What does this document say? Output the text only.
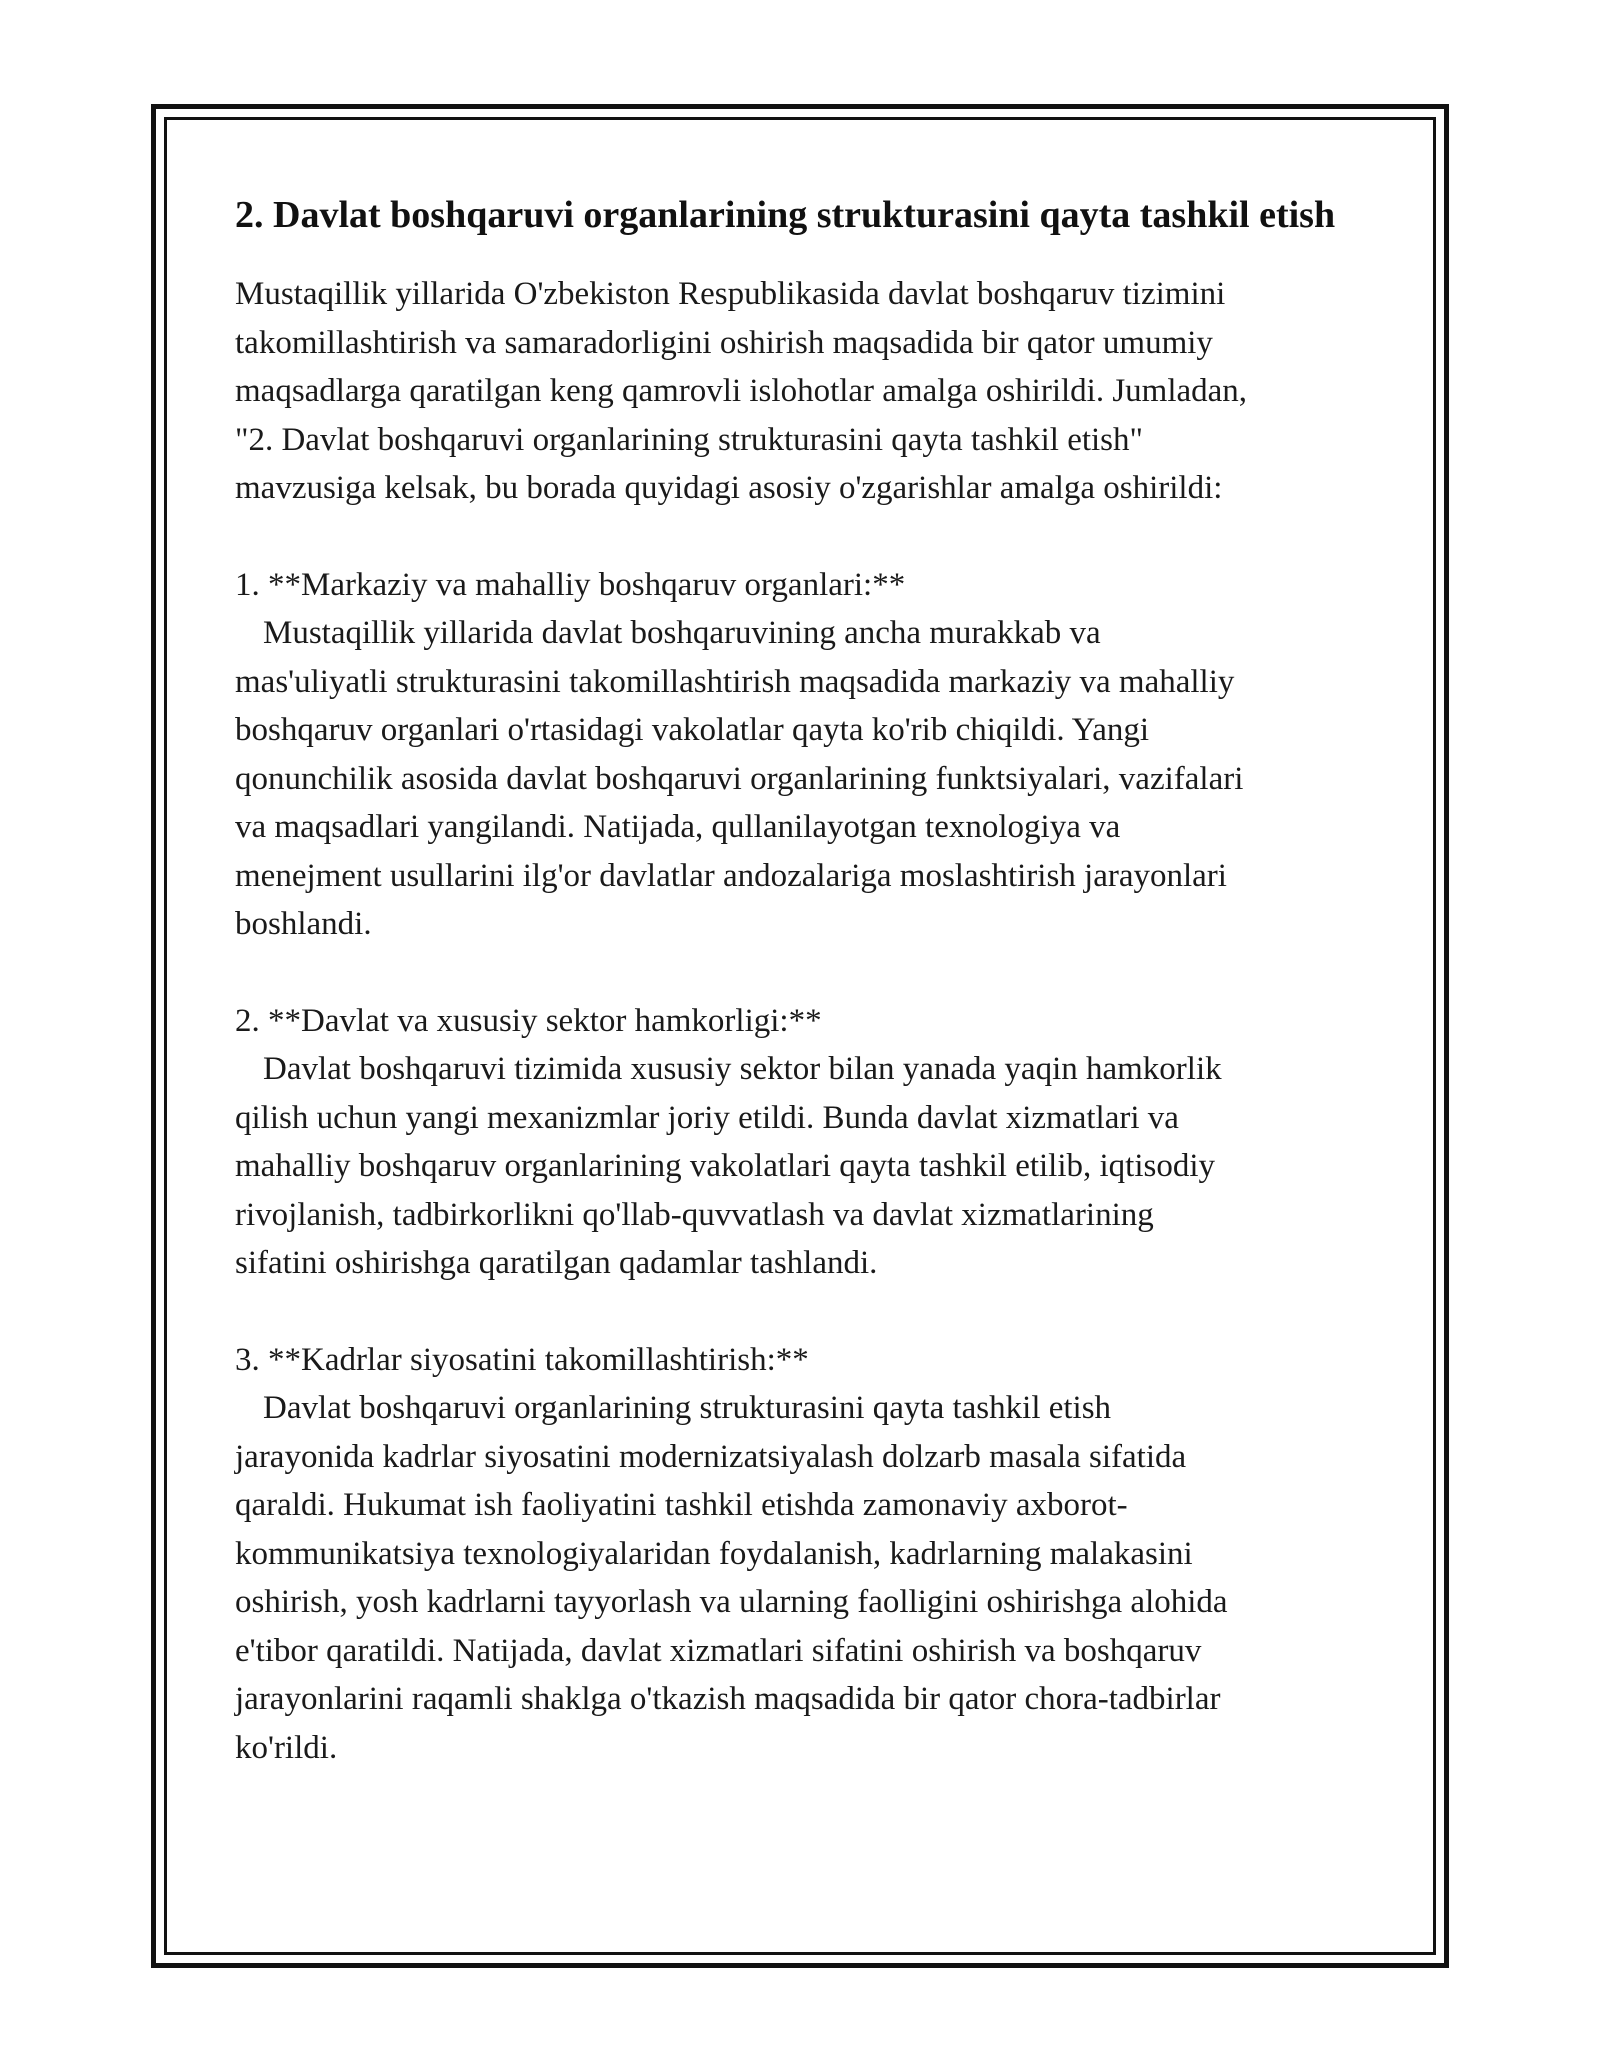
2. Davlat boshqaruvi organlarining strukturasini qayta tashkil etish

Mustaqillik yillarida O'zbekiston Respublikasida davlat boshqaruv tizimini
takomillashtirish va samaradorligini oshirish maqsadida bir qator umumiy
maqsadlarga qaratilgan keng qamrovli islohotlar amalga oshirildi. Jumladan,
"2. Davlat boshqaruvi organlarining strukturasini qayta tashkil etish"
mavzusiga kelsak, bu borada quyidagi asosiy o'zgarishlar amalga oshirildi:

1. **Markaziy va mahalliy boshqaruv organlari:**

Mustaqillik yillarida davlat boshqaruvining ancha murakkab va
mas'uliyatli strukturasini takomillashtirish maqsadida markaziy va mahalliy
boshqaruv organlari o'rtasidagi vakolatlar qayta ko'rib chiqildi. Yangi
qonunchilik asosida davlat boshqaruvi organlarining funktsiyalari, vazifalari
va maqsadlari yangilandi. Natijada, qullanilayotgan texnologiya va
menejment usullarini ilg'or davlatlar andozalariga moslashtirish jarayonlari
boshlandi.

2. **Davlat va xususiy sektor hamkorligi:**

Davlat boshqaruvi tizimida xususiy sektor bilan yanada yaqin hamkorlik
qilish uchun yangi mexanizmlar joriy etildi. Bunda davlat xizmatlari va
mahalliy boshqaruv organlarining vakolatlari qayta tashkil etilib, iqtisodiy
rivojlanish, tadbirkorlikni qo'llab-quvvatlash va davlat xizmatlarining
sifatini oshirishga qaratilgan qadamlar tashlandi.

3. **Kadrlar siyosatini takomillashtirish:**

Davlat boshqaruvi organlarining strukturasini qayta tashkil etish
jarayonida kadrlar siyosatini modernizatsiyalash dolzarb masala sifatida
qaraldi. Hukumat ish faoliyatini tashkil etishda zamonaviy axborot-
kommunikatsiya texnologiyalaridan foydalanish, kadrlarning malakasini
oshirish, yosh kadrlarni tayyorlash va ularning faolligini oshirishga alohida
e'tibor qaratildi. Natijada, davlat xizmatlari sifatini oshirish va boshqaruv
jarayonlarini raqamli shaklga o'tkazish maqsadida bir qator chora-tadbirlar
ko'rildi.
